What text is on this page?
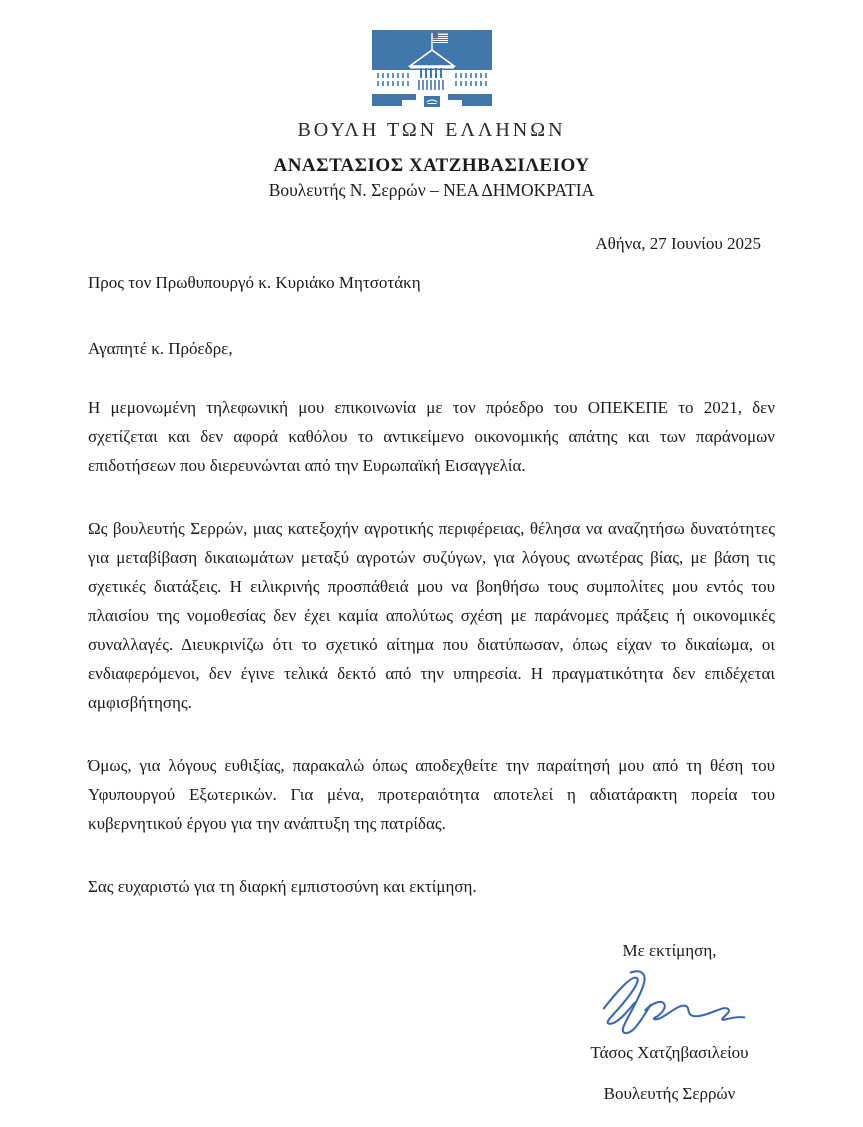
ΒΟΥΛΗ ΤΩΝ ΕΛΛΗΝΩΝ
ΑΝΑΣΤΑΣΙΟΣ ΧΑΤΖΗΒΑΣΙΛΕΙΟΥ
Βουλευτής Ν. Σερρών – ΝΕΑ ΔΗΜΟΚΡΑΤΙΑ
Αθήνα, 27 Ιουνίου 2025
Προς τον Πρωθυπουργό κ. Κυριάκο Μητσοτάκη
Αγαπητέ κ. Πρόεδρε,

Η μεμονωμένη τηλεφωνική μου επικοινωνία με τον πρόεδρο του ΟΠΕΚΕΠΕ το 2021, δεν σχετίζεται και δεν αφορά καθόλου το αντικείμενο οικονομικής απάτης και των παράνομων επιδοτήσεων που διερευνώνται από την Ευρωπαϊκή Εισαγγελία.

Ως βουλευτής Σερρών, μιας κατεξοχήν αγροτικής περιφέρειας, θέλησα να αναζητήσω δυνατότητες για μεταβίβαση δικαιωμάτων μεταξύ αγροτών συζύγων, για λόγους ανωτέρας βίας, με βάση τις σχετικές διατάξεις. Η ειλικρινής προσπάθειά μου να βοηθήσω τους συμπολίτες μου εντός του πλαισίου της νομοθεσίας δεν έχει καμία απολύτως σχέση με παράνομες πράξεις ή οικονομικές συναλλαγές. Διευκρινίζω ότι το σχετικό αίτημα που διατύπωσαν, όπως είχαν το δικαίωμα, οι ενδιαφερόμενοι, δεν έγινε τελικά δεκτό από την υπηρεσία. Η πραγματικότητα δεν επιδέχεται αμφισβήτησης.

Όμως, για λόγους ευθιξίας, παρακαλώ όπως αποδεχθείτε την παραίτησή μου από τη θέση του Υφυπουργού Εξωτερικών. Για μένα, προτεραιότητα αποτελεί η αδιατάρακτη πορεία του κυβερνητικού έργου για την ανάπτυξη της πατρίδας.

Σας ευχαριστώ για τη διαρκή εμπιστοσύνη και εκτίμηση.

Με εκτίμηση,
Τάσος Χατζηβασιλείου
Βουλευτής Σερρών
